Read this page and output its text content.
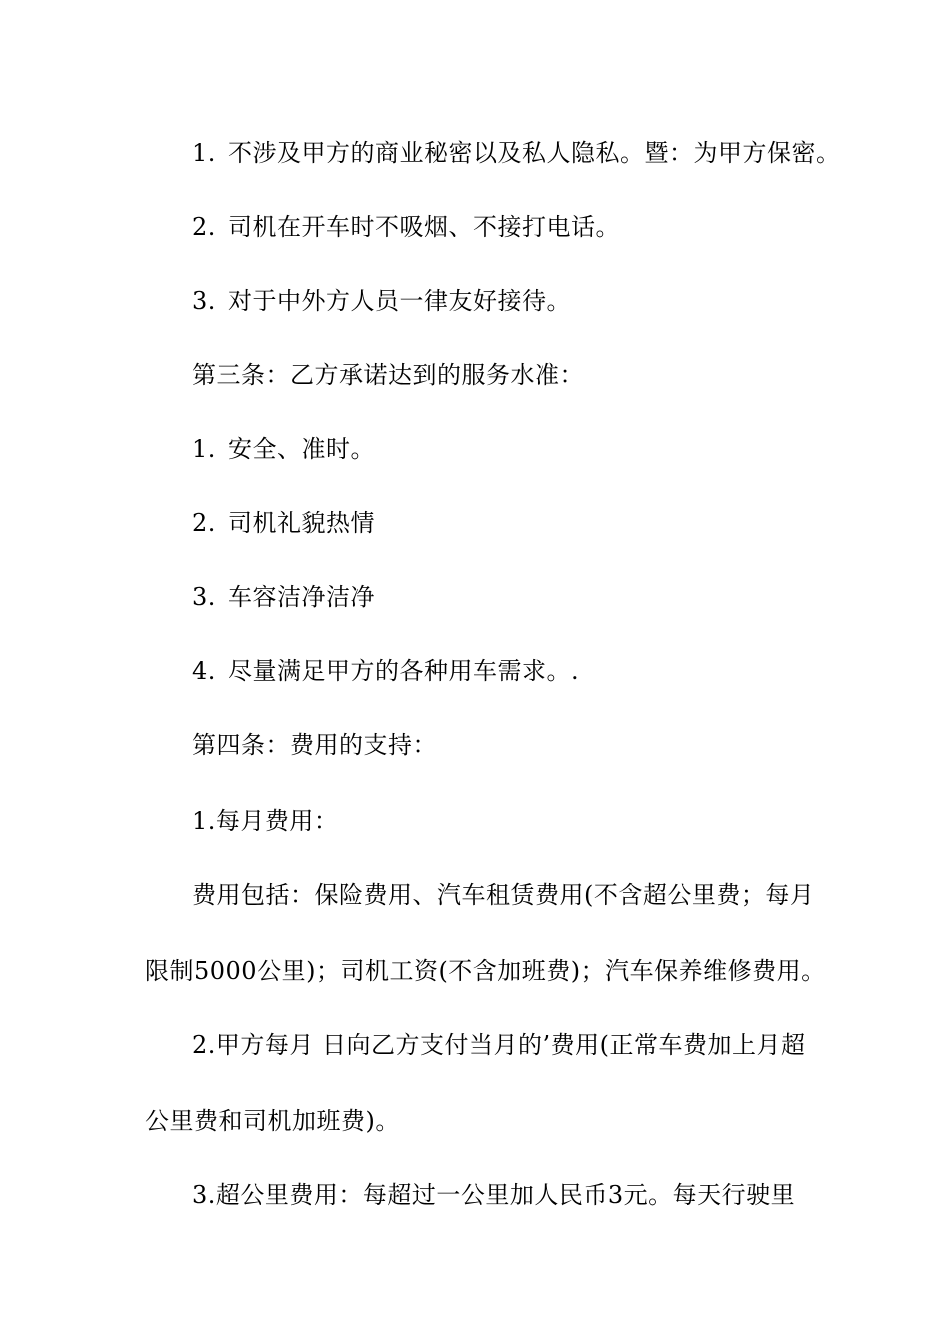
1. 不涉及甲方的商业秘密以及私人隐私。暨：为甲方保密。
2. 司机在开车时不吸烟、不接打电话。
3. 对于中外方人员一律友好接待。
第三条：乙方承诺达到的服务水准：
1. 安全、准时。
2. 司机礼貌热情
3. 车容洁净洁净
4. 尽量满足甲方的各种用车需求。.
第四条：费用的支持：
1.每月费用：
费用包括：保险费用、汽车租赁费用(不含超公里费；每月
限制5000公里)；司机工资(不含加班费)；汽车保养维修费用。
2.甲方每月 日向乙方支付当月的’费用(正常车费加上月超
公里费和司机加班费)。
3.超公里费用：每超过一公里加人民币3元。每天行驶里
